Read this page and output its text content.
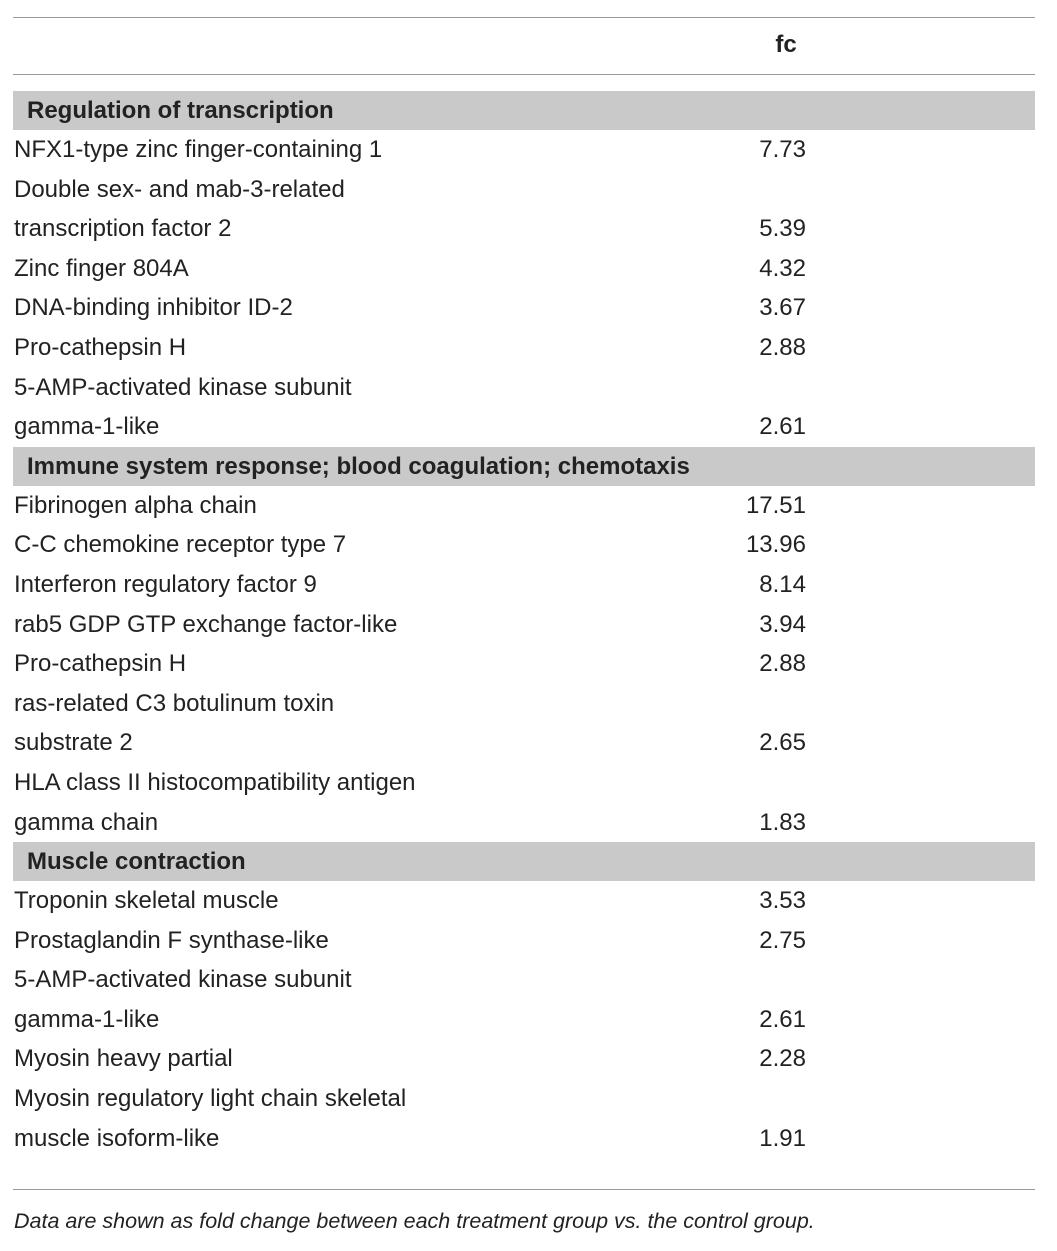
fc
Regulation of transcription
NFX1-type zinc finger-containing 1	7.73
Double sex- and mab-3-related
transcription factor 2	5.39
Zinc finger 804A	4.32
DNA-binding inhibitor ID-2	3.67
Pro-cathepsin H	2.88
5-AMP-activated kinase subunit
gamma-1-like	2.61
Immune system response; blood coagulation; chemotaxis
Fibrinogen alpha chain	17.51
C-C chemokine receptor type 7	13.96
Interferon regulatory factor 9	8.14
rab5 GDP GTP exchange factor-like	3.94
Pro-cathepsin H	2.88
ras-related C3 botulinum toxin
substrate 2	2.65
HLA class II histocompatibility antigen
gamma chain	1.83
Muscle contraction
Troponin skeletal muscle	3.53
Prostaglandin F synthase-like	2.75
5-AMP-activated kinase subunit
gamma-1-like	2.61
Myosin heavy partial	2.28
Myosin regulatory light chain skeletal
muscle isoform-like	1.91
Data are shown as fold change between each treatment group vs. the control group.
